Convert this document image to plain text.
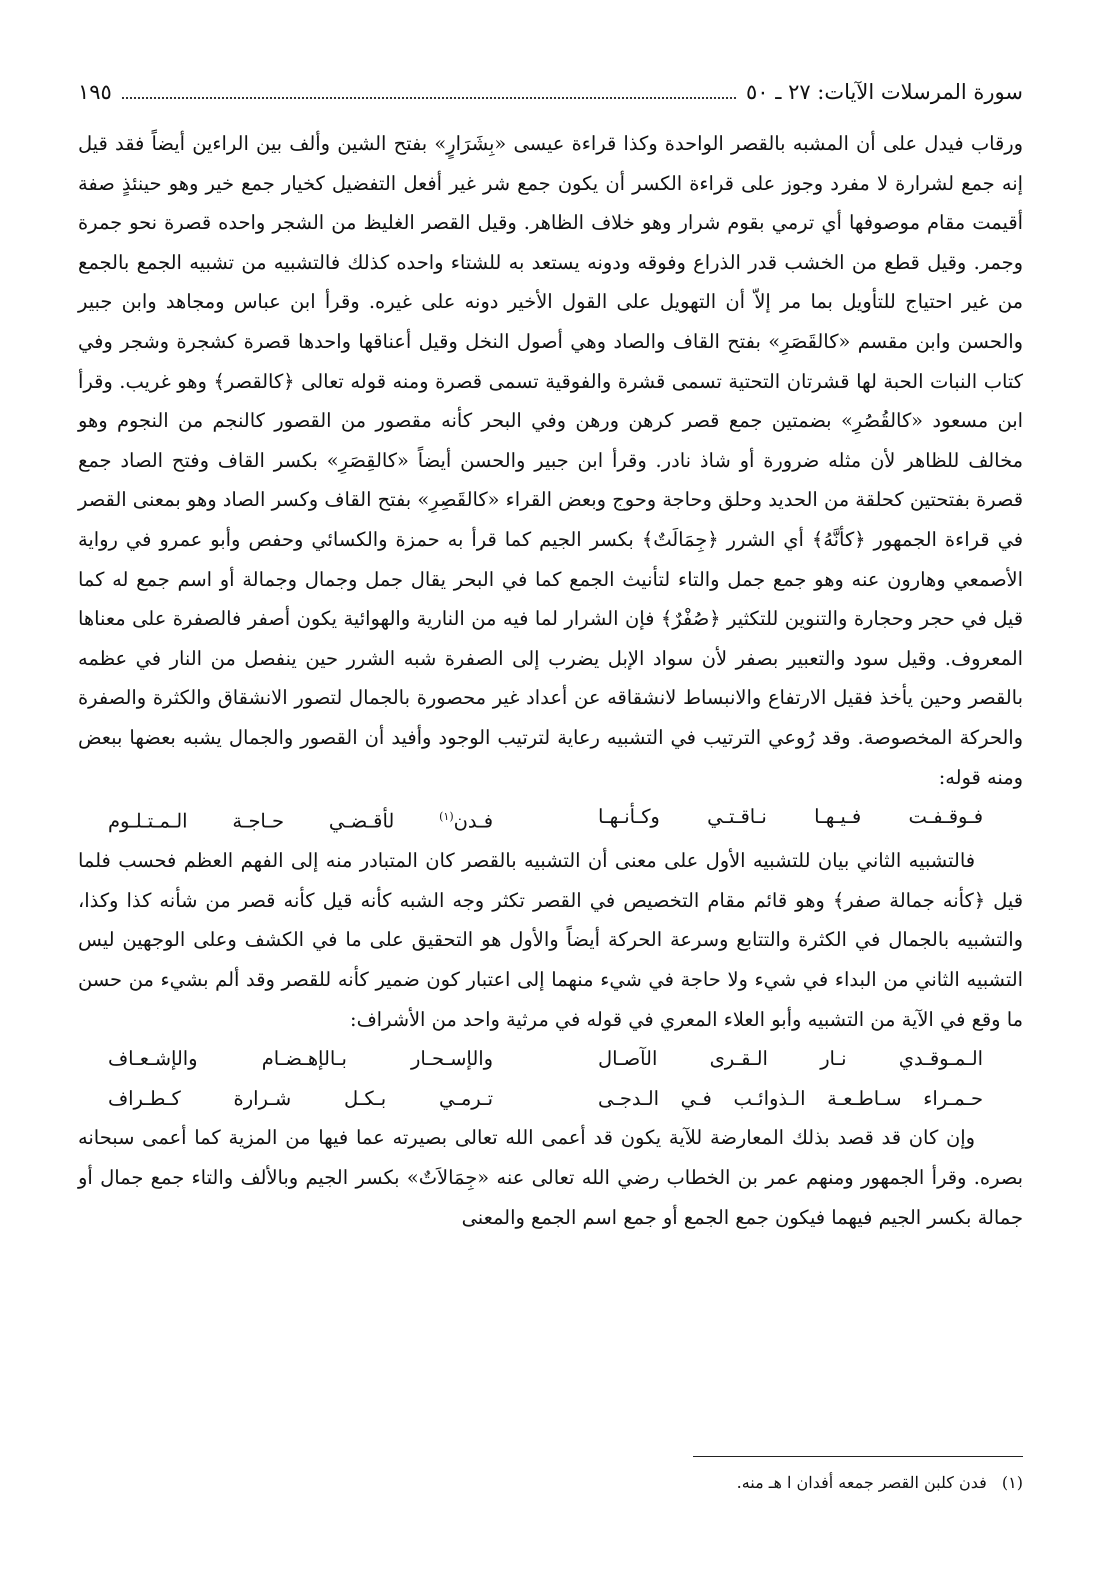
سورة المرسلات الآيات: ٢٧ ـ ٥٠
١٩٥

ورقاب فيدل على أن المشبه بالقصر الواحدة وكذا قراءة عيسى «بِشَرَارٍ» بفتح الشين وألف بين الراءين أيضاً فقد قيل إنه جمع لشرارة لا مفرد وجوز على قراءة الكسر أن يكون جمع شر غير أفعل التفضيل كخيار جمع خير وهو حينئذٍ صفة أقيمت مقام موصوفها أي ترمي بقوم شرار وهو خلاف الظاهر. وقيل القصر الغليظ من الشجر واحده قصرة نحو جمرة وجمر. وقيل قطع من الخشب قدر الذراع وفوقه ودونه يستعد به للشتاء واحده كذلك فالتشبيه من تشبيه الجمع بالجمع من غير احتياج للتأويل بما مر إلاّ أن التهويل على القول الأخير دونه على غيره. وقرأ ابن عباس ومجاهد وابن جبير والحسن وابن مقسم «كالقَصَرِ» بفتح القاف والصاد وهي أصول النخل وقيل أعناقها واحدها قصرة كشجرة وشجر وفي كتاب النبات الحبة لها قشرتان التحتية تسمى قشرة والفوقية تسمى قصرة ومنه قوله تعالى ﴿كالقصر﴾ وهو غريب. وقرأ ابن مسعود «كالقُصُرِ» بضمتين جمع قصر كرهن ورهن وفي البحر كأنه مقصور من القصور كالنجم من النجوم وهو مخالف للظاهر لأن مثله ضرورة أو شاذ نادر. وقرأ ابن جبير والحسن أيضاً «كالقِصَرِ» بكسر القاف وفتح الصاد جمع قصرة بفتحتين كحلقة من الحديد وحلق وحاجة وحوج وبعض القراء «كالقَصِرِ» بفتح القاف وكسر الصاد وهو بمعنى القصر في قراءة الجمهور ﴿كأنَّهُ﴾ أي الشرر ﴿جِمَالَتٌ﴾ بكسر الجيم كما قرأ به حمزة والكسائي وحفص وأبو عمرو في رواية الأصمعي وهارون عنه وهو جمع جمل والتاء لتأنيث الجمع كما في البحر يقال جمل وجمال وجمالة أو اسم جمع له كما قيل في حجر وحجارة والتنوين للتكثير ﴿صُفْرٌ﴾ فإن الشرار لما فيه من النارية والهوائية يكون أصفر فالصفرة على معناها المعروف. وقيل سود والتعبير بصفر لأن سواد الإبل يضرب إلى الصفرة شبه الشرر حين ينفصل من النار في عظمه بالقصر وحين يأخذ فقيل الارتفاع والانبساط لانشقاقه عن أعداد غير محصورة بالجمال لتصور الانشقاق والكثرة والصفرة والحركة المخصوصة. وقد رُوعي الترتيب في التشبيه رعاية لترتيب الوجود وأفيد أن القصور والجمال يشبه بعضها ببعض ومنه قوله:

فـوقـفـت فـيـهـا نـاقـتـي وكـأنـهـا
فـدن$^{(١)}$ لأقـضـي حـاجـة الـمـتـلـوم

فالتشبيه الثاني بيان للتشبيه الأول على معنى أن التشبيه بالقصر كان المتبادر منه إلى الفهم العظم فحسب فلما قيل ﴿كأنه جمالة صفر﴾ وهو قائم مقام التخصيص في القصر تكثر وجه الشبه كأنه قيل كأنه قصر من شأنه كذا وكذا، والتشبيه بالجمال في الكثرة والتتابع وسرعة الحركة أيضاً والأول هو التحقيق على ما في الكشف وعلى الوجهين ليس التشبيه الثاني من البداء في شيء ولا حاجة في شيء منهما إلى اعتبار كون ضمير كأنه للقصر وقد ألم بشيء من حسن ما وقع في الآية من التشبيه وأبو العلاء المعري في قوله في مرثية واحد من الأشراف:

الـمـوقـدي نـار الـقـرى الآصـال
والإسـحـار بـالإهـضـام والإشـعـاف
حـمـراء سـاطـعـة الـذوائـب فـي الـدجـى
تـرمـي بـكـل شـرارة كـطـراف

وإن كان قد قصد بذلك المعارضة للآية يكون قد أعمى الله تعالى بصيرته عما فيها من المزية كما أعمى سبحانه بصره. وقرأ الجمهور ومنهم عمر بن الخطاب رضي الله تعالى عنه «جِمَالاَتٌ» بكسر الجيم وبالألف والتاء جمع جمال أو جمالة بكسر الجيم فيهما فيكون جمع الجمع أو جمع اسم الجمع والمعنى

(١) فدن كلبن القصر جمعه أفدان ا هـ منه.
